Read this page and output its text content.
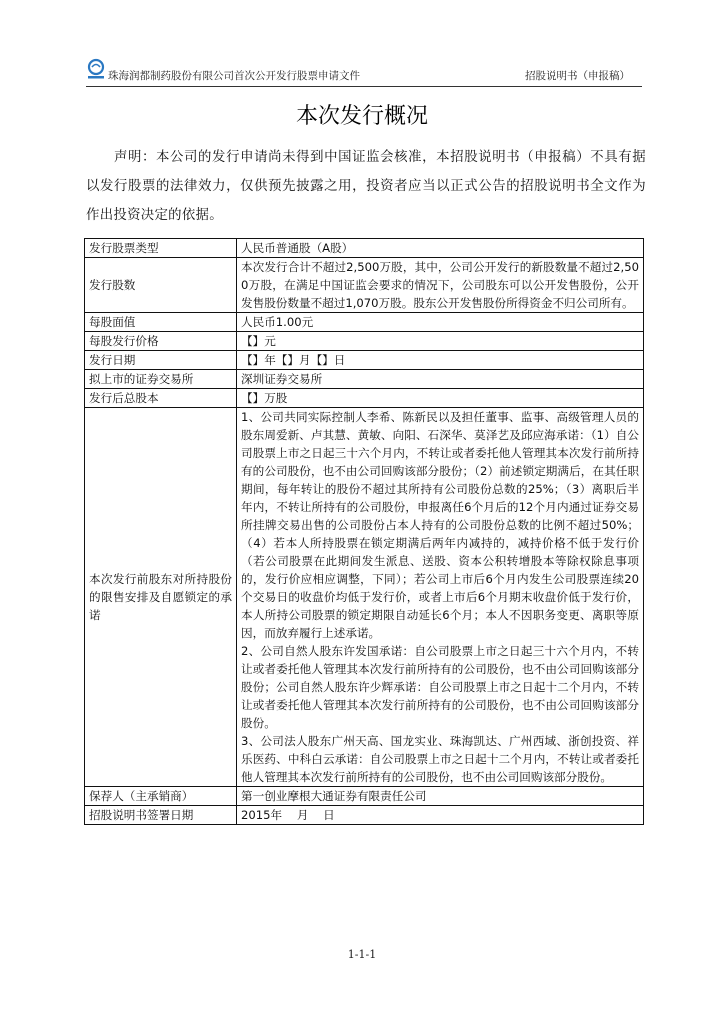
珠海润都制药股份有限公司首次公开发行股票申请文件	招股说明书（申报稿）
本次发行概况
声明：本公司的发行申请尚未得到中国证监会核准，本招股说明书（申报稿）不具有据以发行股票的法律效力，仅供预先披露之用，投资者应当以正式公告的招股说明书全文作为作出投资决定的依据。
发行股票类型	人民币普通股（A股）
发行股数	本次发行合计不超过2,500万股，其中，公司公开发行的新股数量不超过2,500万股，在满足中国证监会要求的情况下，公司股东可以公开发售股份，公开发售股份数量不超过1,070万股。股东公开发售股份所得资金不归公司所有。
每股面值	人民币1.00元
每股发行价格	【】元
发行日期	【】年【】月【】日
拟上市的证券交易所	深圳证券交易所
发行后总股本	【】万股
本次发行前股东对所持股份的限售安排及自愿锁定的承诺	1、公司共同实际控制人李希、陈新民以及担任董事、监事、高级管理人员的股东周爱新、卢其慧、黄敏、向阳、石深华、莫泽艺及邱应海承诺：（1）自公司股票上市之日起三十六个月内，不转让或者委托他人管理其本次发行前所持有的公司股份，也不由公司回购该部分股份；（2）前述锁定期满后，在其任职期间，每年转让的股份不超过其所持有公司股份总数的25%；（3）离职后半年内，不转让所持有的公司股份，申报离任6个月后的12个月内通过证券交易所挂牌交易出售的公司股份占本人持有的公司股份总数的比例不超过50%；（4）若本人所持股票在锁定期满后两年内减持的，减持价格不低于发行价（若公司股票在此期间发生派息、送股、资本公积转增股本等除权除息事项的，发行价应相应调整，下同）；若公司上市后6个月内发生公司股票连续20个交易日的收盘价均低于发行价，或者上市后6个月期末收盘价低于发行价，本人所持公司股票的锁定期限自动延长6个月；本人不因职务变更、离职等原因，而放弃履行上述承诺。
2、公司自然人股东许发国承诺：自公司股票上市之日起三十六个月内，不转让或者委托他人管理其本次发行前所持有的公司股份，也不由公司回购该部分股份；公司自然人股东许少辉承诺：自公司股票上市之日起十二个月内，不转让或者委托他人管理其本次发行前所持有的公司股份，也不由公司回购该部分股份。
3、公司法人股东广州天高、国龙实业、珠海凯达、广州西域、浙创投资、祥乐医药、中科白云承诺：自公司股票上市之日起十二个月内，不转让或者委托他人管理其本次发行前所持有的公司股份，也不由公司回购该部分股份。

保荐人（主承销商）	第一创业摩根大通证券有限责任公司
招股说明书签署日期	2015年    月    日
1-1-1
